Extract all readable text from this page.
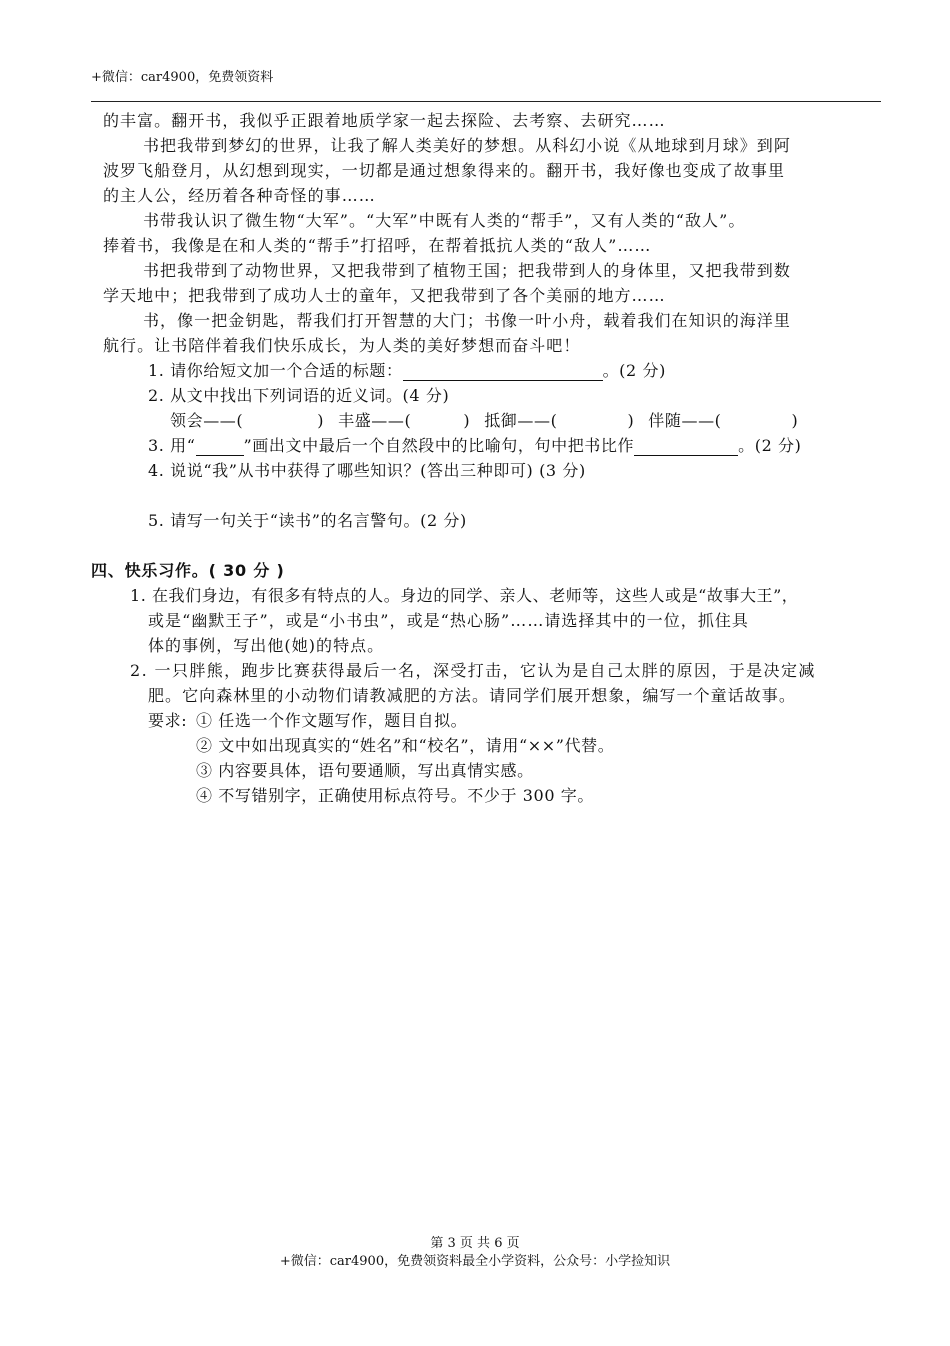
+微信：car4900，免费领资料
的丰富。翻开书，我似乎正跟着地质学家一起去探险、去考察、去研究……
书把我带到梦幻的世界，让我了解人类美好的梦想。从科幻小说《从地球到月球》到阿
波罗飞船登月，从幻想到现实，一切都是通过想象得来的。翻开书，我好像也变成了故事里
的主人公，经历着各种奇怪的事……
书带我认识了微生物“大军”。“大军”中既有人类的“帮手”，又有人类的“敌人”。
捧着书，我像是在和人类的“帮手”打招呼，在帮着抵抗人类的“敌人”……
书把我带到了动物世界，又把我带到了植物王国；把我带到人的身体里，又把我带到数
学天地中；把我带到了成功人士的童年，又把我带到了各个美丽的地方……
书，像一把金钥匙，帮我们打开智慧的大门；书像一叶小舟，载着我们在知识的海洋里
航行。让书陪伴着我们快乐成长，为人类的美好梦想而奋斗吧！
1. 请你给短文加一个合适的标题：	。(2 分)
2. 从文中找出下列词语的近义词。(4 分)
领会——(	) 丰盛——(	) 抵御——(	) 伴随——(	)
3. 用“	”画出文中最后一个自然段中的比喻句，句中把书比作	。(2 分)
4. 说说“我”从书中获得了哪些知识？(答出三种即可) (3 分)
5. 请写一句关于“读书”的名言警句。(2 分)
四、快乐习作。( 30 分 )
1. 在我们身边，有很多有特点的人。身边的同学、亲人、老师等，这些人或是“故事大王”，
或是“幽默王子”，或是“小书虫”，或是“热心肠”……请选择其中的一位，抓住具
体的事例，写出他(她)的特点。
2. 一只胖熊，跑步比赛获得最后一名，深受打击，它认为是自己太胖的原因，于是决定减
肥。它向森林里的小动物们请教减肥的方法。请同学们展开想象，编写一个童话故事。
要求: ① 任选一个作文题写作，题目自拟。
② 文中如出现真实的“姓名”和“校名”，请用“××”代替。
③ 内容要具体，语句要通顺，写出真情实感。
④ 不写错别字，正确使用标点符号。不少于 300 字。
第 3 页 共 6 页
+微信：car4900，免费领资料最全小学资料，公众号：小学捡知识
